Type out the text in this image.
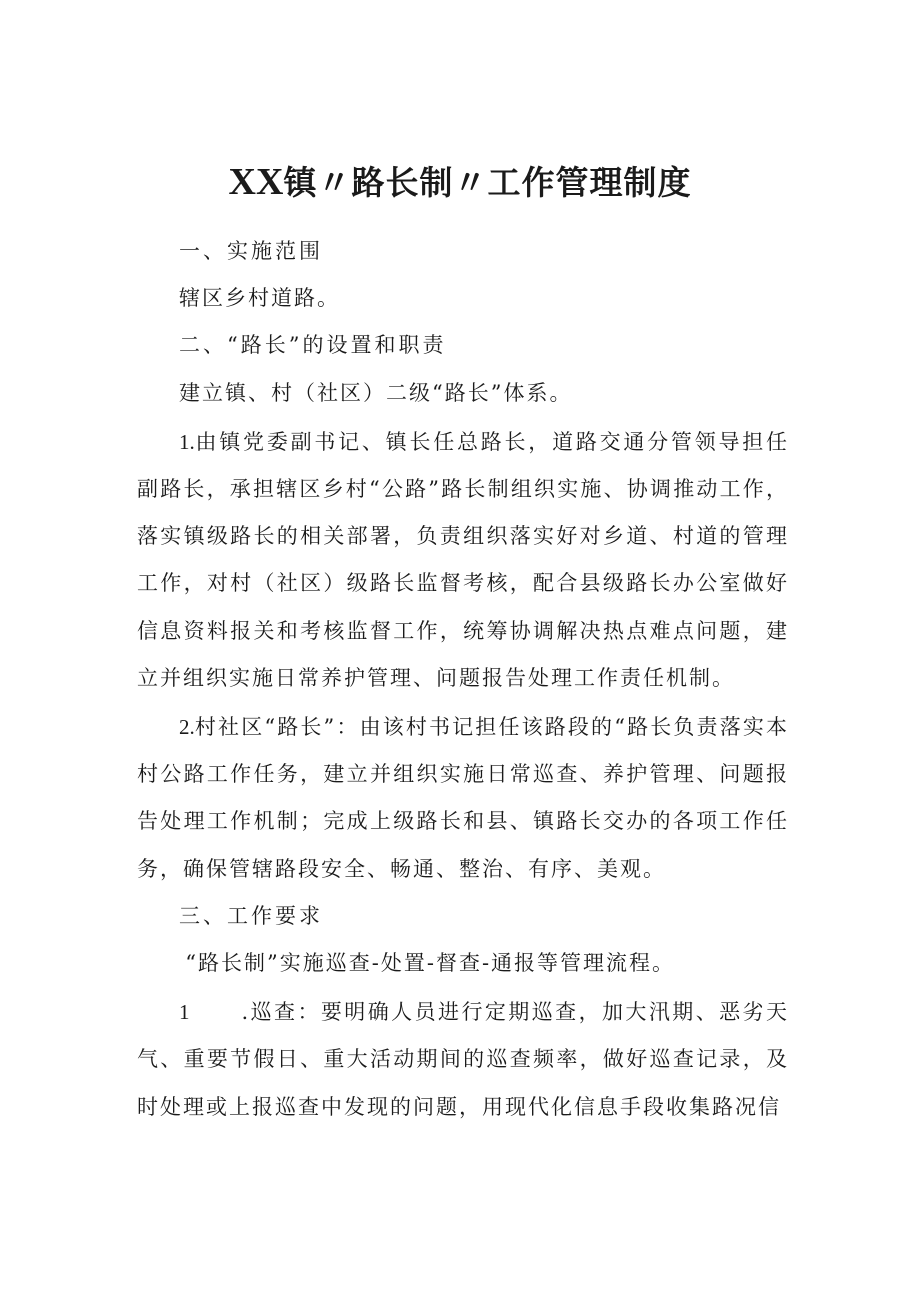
XX镇〃路长制〃工作管理制度

一、实施范围

辖区乡村道路。

二、“路长”的设置和职责

建立镇、村（社区）二级“路长”体系。

1.由镇党委副书记、镇长任总路长，道路交通分管领导担任副路长，承担辖区乡村“公路”路长制组织实施、协调推动工作，落实镇级路长的相关部署，负责组织落实好对乡道、村道的管理工作，对村（社区）级路长监督考核，配合县级路长办公室做好信息资料报关和考核监督工作，统筹协调解决热点难点问题，建立并组织实施日常养护管理、问题报告处理工作责任机制。

2.村社区“路长”：由该村书记担任该路段的“路长负责落实本村公路工作任务，建立并组织实施日常巡查、养护管理、问题报告处理工作机制；完成上级路长和县、镇路长交办的各项工作任务，确保管辖路段安全、畅通、整治、有序、美观。

三、工作要求

“路长制”实施巡查-处置-督查-通报等管理流程。

1 .巡查：要明确人员进行定期巡查，加大汛期、恶劣天气、重要节假日、重大活动期间的巡查频率，做好巡查记录，及时处理或上报巡查中发现的问题，用现代化信息手段收集路况信
